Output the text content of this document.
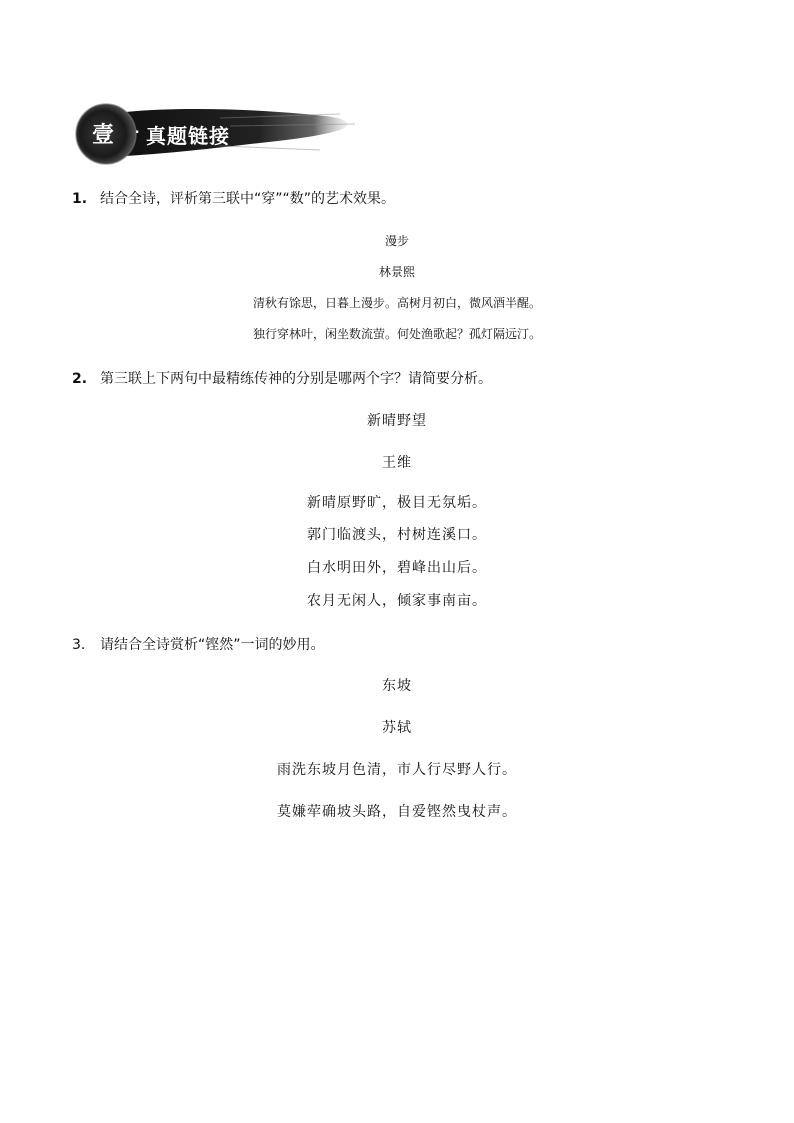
壹 · 真题链接
1. 结合全诗，评析第三联中“穿”“数”的艺术效果。
漫步
林景熙
清秋有馀思，日暮上漫步。高树月初白，微风酒半醒。
独行穿林叶，闲坐数流萤。何处渔歌起？孤灯隔远汀。
2. 第三联上下两句中最精练传神的分别是哪两个字？请简要分析。
新晴野望
王维
新晴原野旷，极目无氛垢。
郭门临渡头，村树连溪口。
白水明田外，碧峰出山后。
农月无闲人，倾家事南亩。
3. 请结合全诗赏析“铿然”一词的妙用。
东坡
苏轼
雨洗东坡月色清，市人行尽野人行。
莫嫌荦确坡头路，自爱铿然曳杖声。
